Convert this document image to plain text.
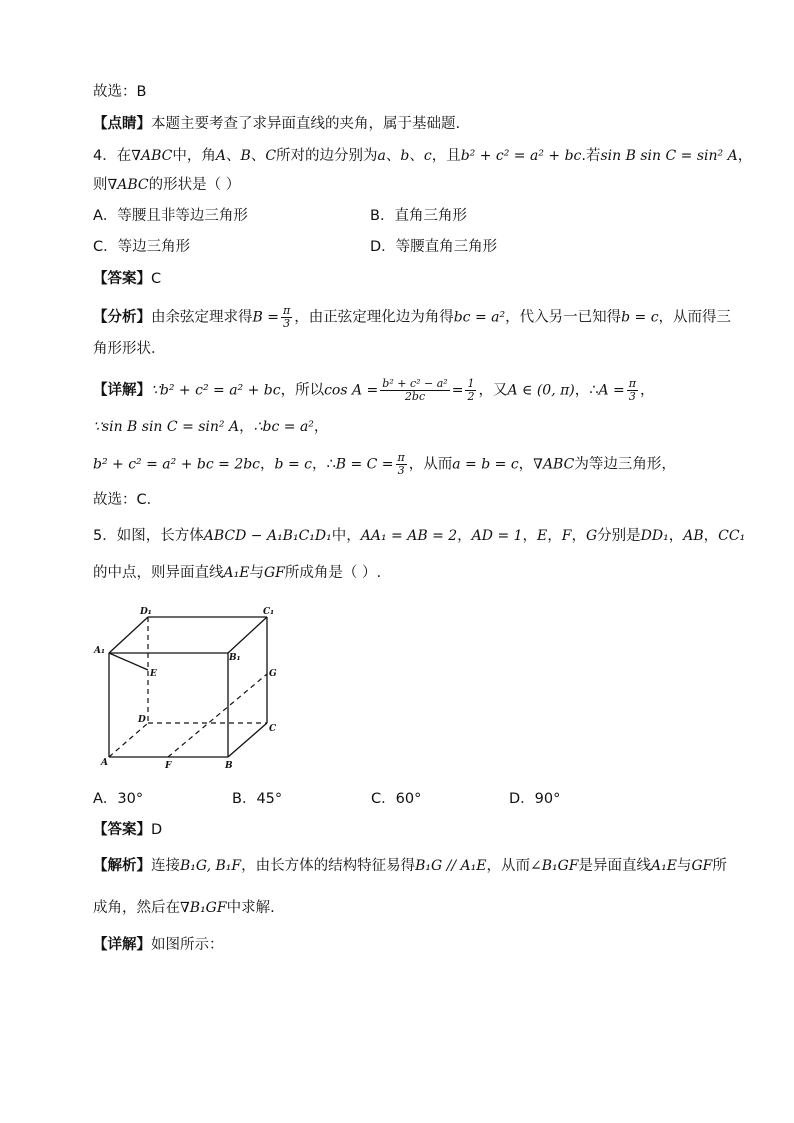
故选：B
【点睛】本题主要考查了求异面直线的夹角，属于基础题.
4．在∇ABC中，角A、B、C所对的边分别为a、b、c，且b² + c² = a² + bc.若sin B sin C = sin² A，
则∇ABC的形状是（ ）
A．等腰且非等边三角形	B．直角三角形
C．等边三角形	D．等腰直角三角形
【答案】C
【分析】由余弦定理求得$B = \frac{\pi}{3}$ ，由正弦定理化边为角得bc = a²，代入另一已知得b = c，从而得三
角形形状．
【详解】∵b² + c² = a² + bc，所以$\cos A = \frac{\text{b² + c² − a²}}{2bc} = \frac{1}{2}$ ，又A ∈ (0, π)，∴A = $\frac{\pi}{3}$ ，
∵sin B sin C = sin² A，∴bc = a²，
b² + c² = a² + bc = 2bc，b = c，∴B = $C = \frac{\pi}{3}$ ，从而a = b = c，∇ABC为等边三角形，
故选：C．
5．如图，长方体ABCD − A₁B₁C₁D₁中，AA₁ = AB = 2，AD = 1，E，F，G分别是DD₁，AB，CC₁
的中点，则异面直线A₁E与GF所成角是（ ）.
D₁	C₁
A₁
B₁
E	G
D
C
A	F	B
A．30°	B．45°	C．60°	D．90°
【答案】D
【解析】连接B₁G, B₁F，由长方体的结构特征易得B₁G // A₁E，从而∠B₁GF是异面直线A₁E与GF所
成角，然后在∇B₁GF中求解.
【详解】如图所示：
